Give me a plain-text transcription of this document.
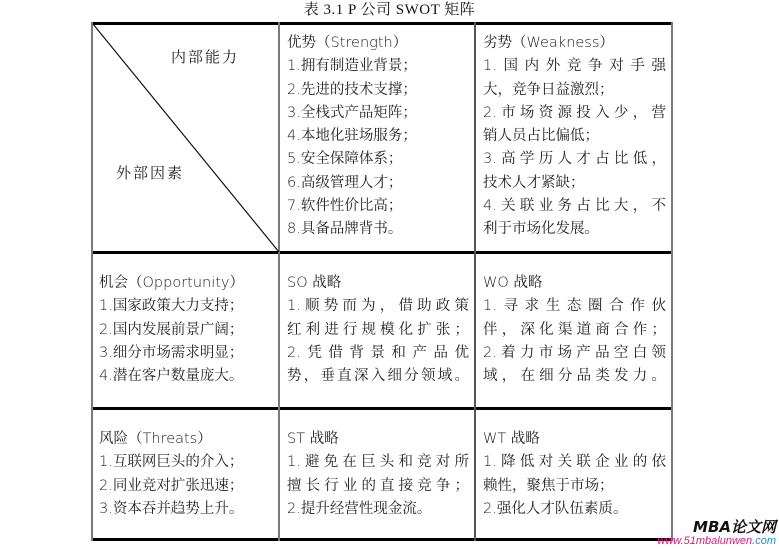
表 3.1 P 公司 SWOT 矩阵
内部能力
外部因素
优势（Strength）
1.拥有制造业背景；
2.先进的技术支撑；
3.全栈式产品矩阵；
4.本地化驻场服务；
5.安全保障体系；
6.高级管理人才；
7.软件性价比高；
8.具备品牌背书。
劣势（Weakness）
1.国内外竞争对手强
大，竞争日益激烈；
2.市场资源投入少，营
销人员占比偏低；
3.高学历人才占比低，
技术人才紧缺；
4.关联业务占比大，不
利于市场化发展。
机会（Opportunity）
1.国家政策大力支持；
2.国内发展前景广阔；
3.细分市场需求明显；
4.潜在客户数量庞大。
SO 战略
1.顺势而为，借助政策
红利进行规模化扩张；
2.凭借背景和产品优
势，垂直深入细分领域。
WO 战略
1.寻求生态圈合作伙
伴，深化渠道商合作；
2.着力市场产品空白领
域，在细分品类发力。
风险（Threats）
1.互联网巨头的介入；
2.同业竞对扩张迅速；
3.资本吞并趋势上升。
ST 战略
1.避免在巨头和竞对所
擅长行业的直接竞争；
2.提升经营性现金流。
WT 战略
1.降低对关联企业的依
赖性，聚焦于市场；
2.强化人才队伍素质。
MBA论文网
www.51mbalunwen.com
